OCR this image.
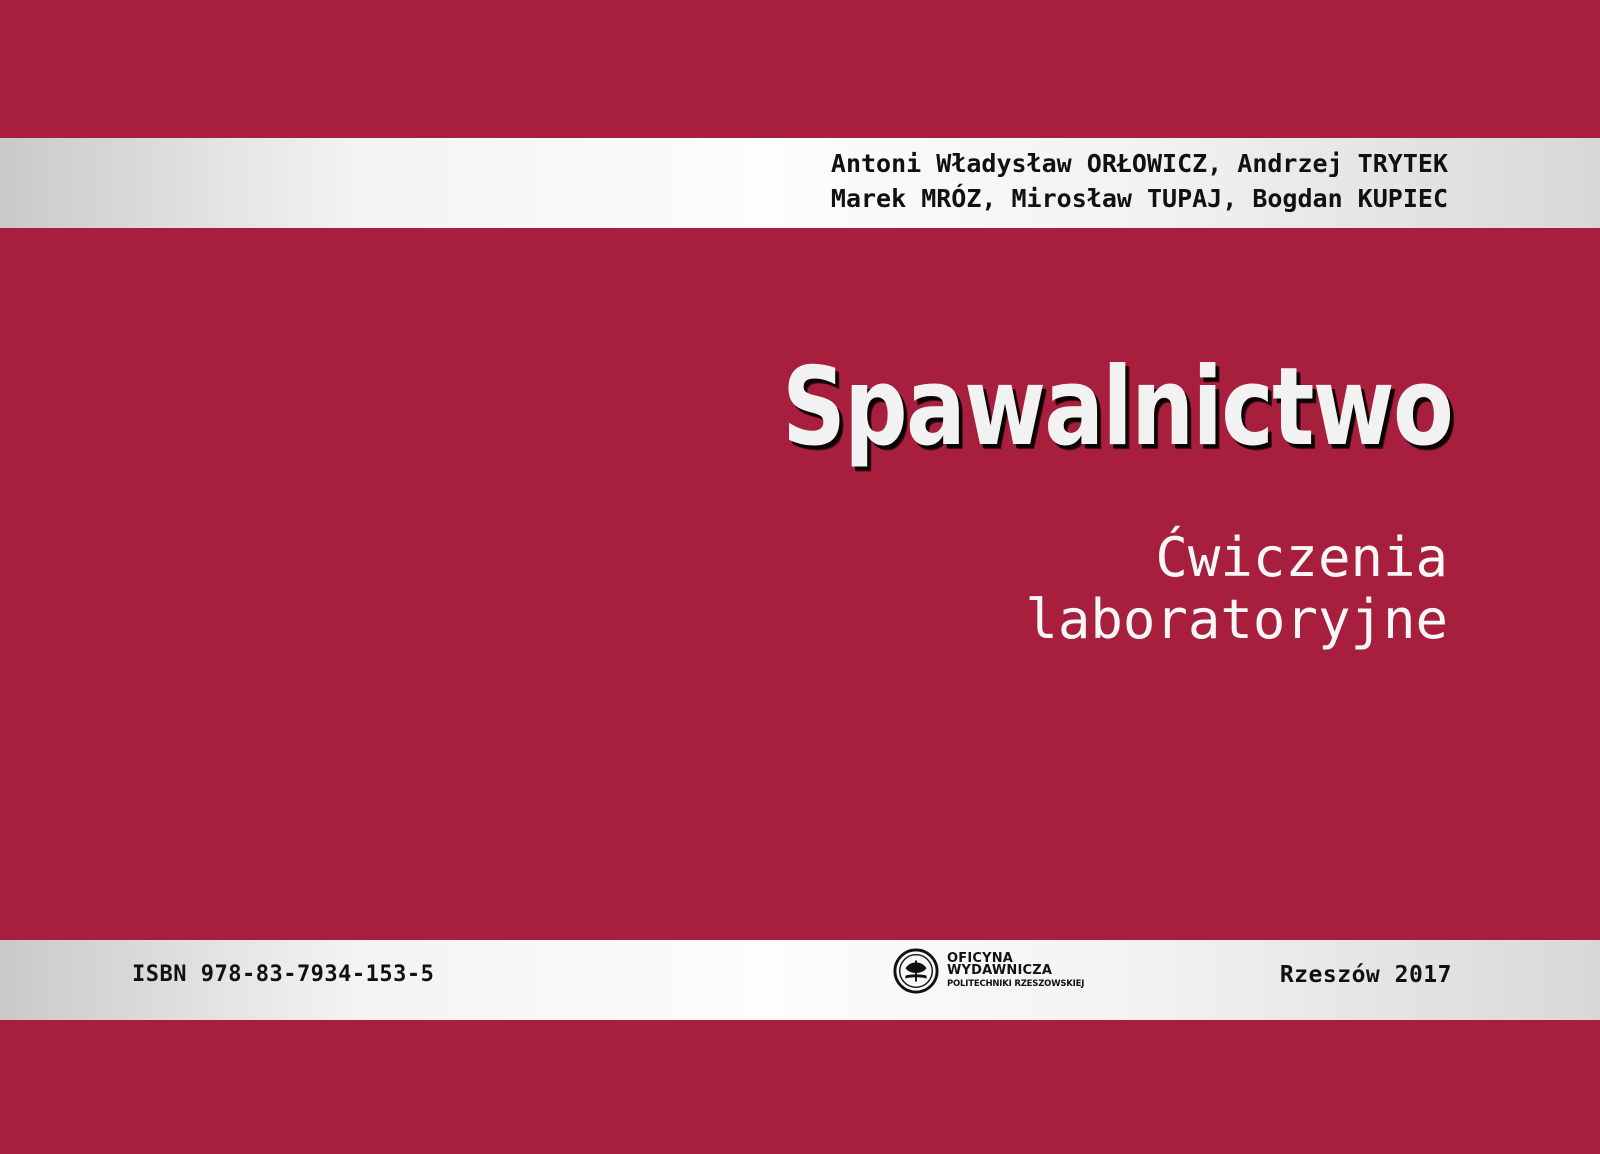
Antoni Władysław ORŁOWICZ, Andrzej TRYTEK
Marek MRÓZ, Mirosław TUPAJ, Bogdan KUPIEC
Spawalnictwo
Ćwiczenia
laboratoryjne
ISBN 978-83-7934-153-5
OFICYNA
WYDAWNICZA
POLITECHNIKI RZESZOWSKIEJ	Rzeszów 2017
